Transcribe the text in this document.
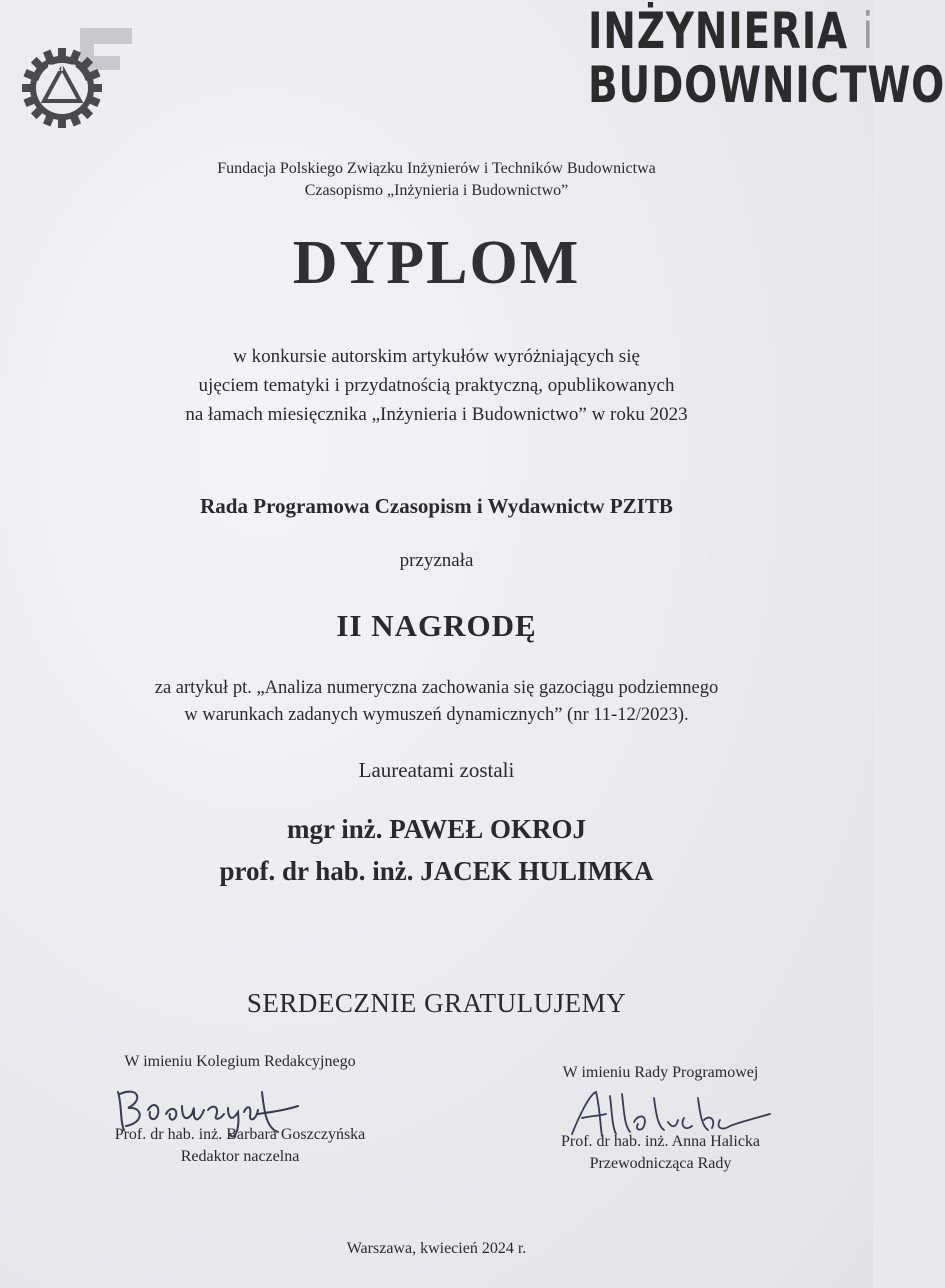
PZITB
INŻYNIERIA i
BUDOWNICTWO
Fundacja Polskiego Związku Inżynierów i Techników Budownictwa
Czasopismo „Inżynieria i Budownictwo”
DYPLOM
w konkursie autorskim artykułów wyróżniających się
ujęciem tematyki i przydatnością praktyczną, opublikowanych
na łamach miesięcznika „Inżynieria i Budownictwo” w roku 2023
Rada Programowa Czasopism i Wydawnictw PZITB
przyznała
II NAGRODĘ
za artykuł pt. „Analiza numeryczna zachowania się gazociągu podziemnego
w warunkach zadanych wymuszeń dynamicznych” (nr 11-12/2023).
Laureatami zostali
mgr inż. PAWEŁ OKROJ
prof. dr hab. inż. JACEK HULIMKA
SERDECZNIE GRATULUJEMY
W imieniu Kolegium Redakcyjnego
Prof. dr hab. inż. Barbara Goszczyńska
Redaktor naczelna
W imieniu Rady Programowej
Prof. dr hab. inż. Anna Halicka
Przewodnicząca Rady
Warszawa, kwiecień 2024 r.
